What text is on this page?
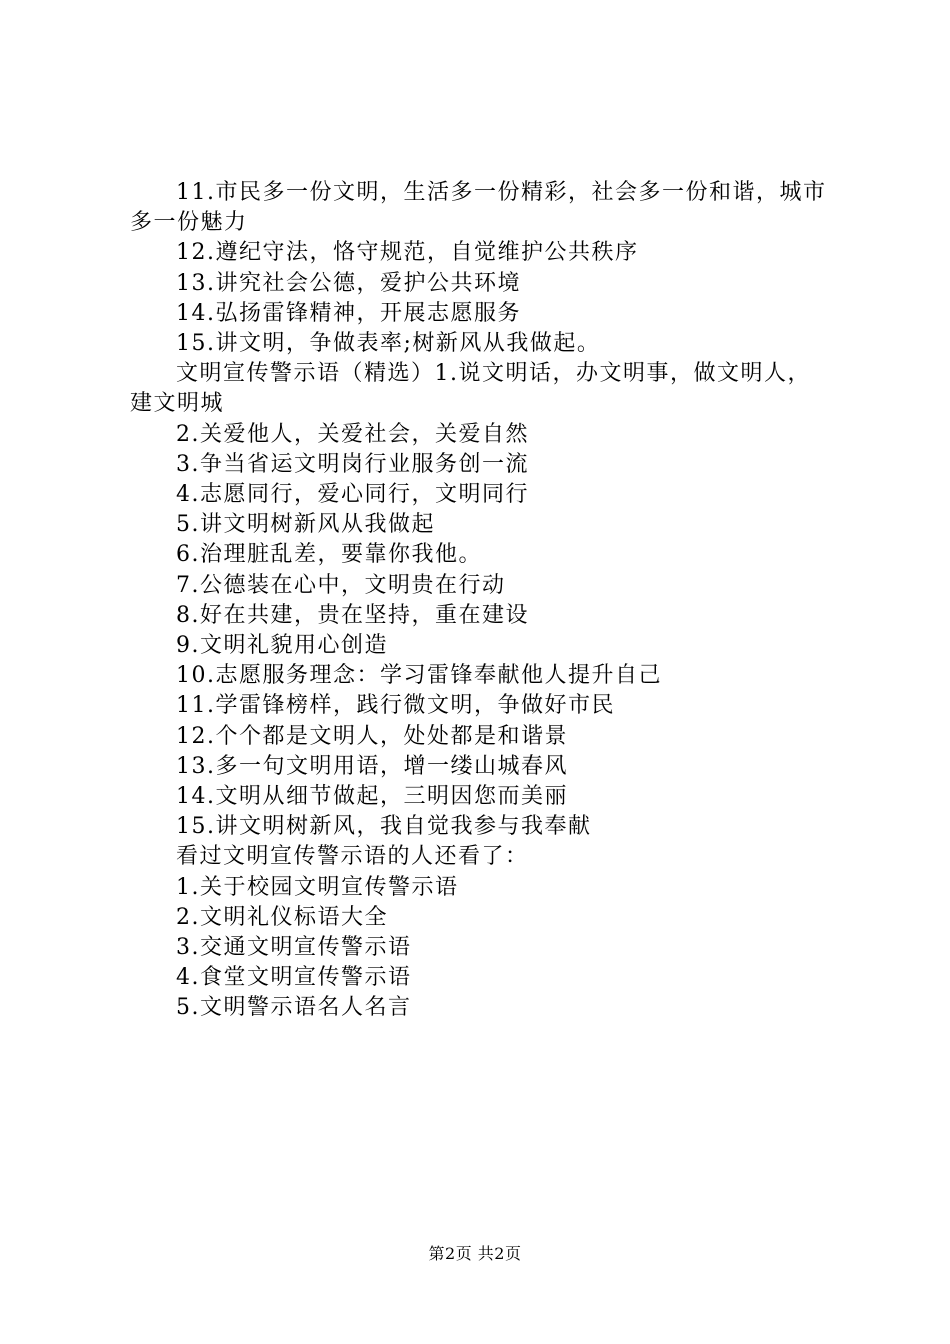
11.市民多一份文明，生活多一份精彩，社会多一份和谐，城市多一份魅力

12.遵纪守法，恪守规范，自觉维护公共秩序

13.讲究社会公德，爱护公共环境

14.弘扬雷锋精神，开展志愿服务

15.讲文明，争做表率;树新风从我做起。

文明宣传警示语（精选）1.说文明话，办文明事，做文明人，建文明城

2.关爱他人，关爱社会，关爱自然

3.争当省运文明岗行业服务创一流

4.志愿同行，爱心同行，文明同行

5.讲文明树新风从我做起

6.治理脏乱差，要靠你我他。

7.公德装在心中，文明贵在行动

8.好在共建，贵在坚持，重在建设

9.文明礼貌用心创造

10.志愿服务理念：学习雷锋奉献他人提升自己

11.学雷锋榜样，践行微文明，争做好市民

12.个个都是文明人，处处都是和谐景

13.多一句文明用语，增一缕山城春风

14.文明从细节做起，三明因您而美丽

15.讲文明树新风，我自觉我参与我奉献

看过文明宣传警示语的人还看了：

1.关于校园文明宣传警示语

2.文明礼仪标语大全

3.交通文明宣传警示语

4.食堂文明宣传警示语

5.文明警示语名人名言

第2页 共2页
